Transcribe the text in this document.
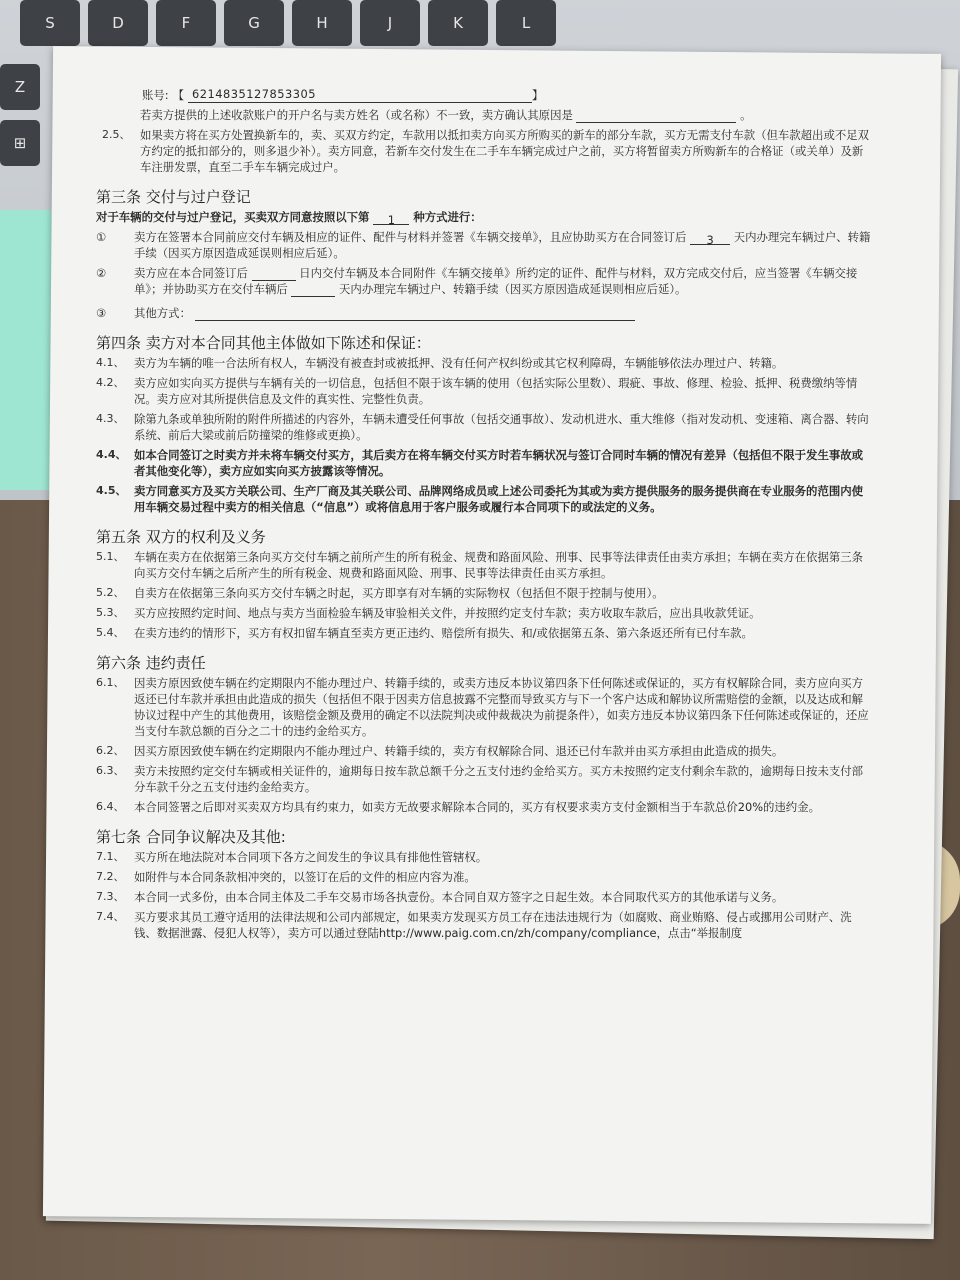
S	D	F	G	H	J	K	L
Z
⊞
账号: 【 6214835127853305	】
若卖方提供的上述收款账户的开户名与卖方姓名（或名称）不一致，卖方确认其原因是	。
2.5、 如果卖方将在买方处置换新车的，卖、买双方约定，车款用以抵扣卖方向买方所购买的新车的部分车款，买方无需支付车款（但车款超出或不足双方约定的抵扣部分的，则多退少补）。卖方同意，若新车交付发生在二手车车辆完成过户之前，买方将暂留卖方所购新车的合格证（或关单）及新车注册发票，直至二手车车辆完成过户。
第三条 交付与过户登记
对于车辆的交付与过户登记，买卖双方同意按照以下第 1 种方式进行：
①	卖方在签署本合同前应交付车辆及相应的证件、配件与材料并签署《车辆交接单》，且应协助买方在合同签订后 3 天内办理完车辆过户、转籍手续（因买方原因造成延误则相应后延）。
②	卖方应在本合同签订后	日内交付车辆及本合同附件《车辆交接单》所约定的证件、配件与材料，双方完成交付后，应当签署《车辆交接单》；并协助买方在交付车辆后	天内办理完车辆过户、转籍手续（因买方原因造成延误则相应后延）。
③	其他方式：
第四条 卖方对本合同其他主体做如下陈述和保证：
4.1、 卖方为车辆的唯一合法所有权人，车辆没有被查封或被抵押、没有任何产权纠纷或其它权利障碍，车辆能够依法办理过户、转籍。
4.2、 卖方应如实向买方提供与车辆有关的一切信息，包括但不限于该车辆的使用（包括实际公里数）、瑕疵、事故、修理、检验、抵押、税费缴纳等情况。卖方应对其所提供信息及文件的真实性、完整性负责。
4.3、 除第九条或单独所附的附件所描述的内容外，车辆未遭受任何事故（包括交通事故）、发动机进水、重大维修（指对发动机、变速箱、离合器、转向系统、前后大梁或前后防撞梁的维修或更换）。
4.4、 如本合同签订之时卖方并未将车辆交付买方，其后卖方在将车辆交付买方时若车辆状况与签订合同时车辆的情况有差异（包括但不限于发生事故或者其他变化等），卖方应如实向买方披露该等情况。
4.5、 卖方同意买方及买方关联公司、生产厂商及其关联公司、品牌网络成员或上述公司委托为其或为卖方提供服务的服务提供商在专业服务的范围内使用车辆交易过程中卖方的相关信息（“信息”）或将信息用于客户服务或履行本合同项下的或法定的义务。
第五条 双方的权利及义务
5.1、 车辆在卖方在依据第三条向买方交付车辆之前所产生的所有税金、规费和路面风险、刑事、民事等法律责任由卖方承担；车辆在卖方在依据第三条向买方交付车辆之后所产生的所有税金、规费和路面风险、刑事、民事等法律责任由买方承担。
5.2、 自卖方在依据第三条向买方交付车辆之时起，买方即享有对车辆的实际物权（包括但不限于控制与使用）。
5.3、 买方应按照约定时间、地点与卖方当面检验车辆及审验相关文件，并按照约定支付车款；卖方收取车款后，应出具收款凭证。
5.4、 在卖方违约的情形下，买方有权扣留车辆直至卖方更正违约、赔偿所有损失、和/或依据第五条、第六条返还所有已付车款。
第六条 违约责任
6.1、 因卖方原因致使车辆在约定期限内不能办理过户、转籍手续的，或卖方违反本协议第四条下任何陈述或保证的，买方有权解除合同，卖方应向买方返还已付车款并承担由此造成的损失（包括但不限于因卖方信息披露不完整而导致买方与下一个客户达成和解协议所需赔偿的金额，以及达成和解协议过程中产生的其他费用，该赔偿金额及费用的确定不以法院判决或仲裁裁决为前提条件），如卖方违反本协议第四条下任何陈述或保证的，还应当支付车款总额的百分之二十的违约金给买方。
6.2、 因买方原因致使车辆在约定期限内不能办理过户、转籍手续的，卖方有权解除合同、退还已付车款并由买方承担由此造成的损失。
6.3、 卖方未按照约定交付车辆或相关证件的，逾期每日按车款总额千分之五支付违约金给买方。买方未按照约定支付剩余车款的，逾期每日按未支付部分车款千分之五支付违约金给卖方。
6.4、 本合同签署之后即对买卖双方均具有约束力，如卖方无故要求解除本合同的，买方有权要求卖方支付金额相当于车款总价20%的违约金。
第七条 合同争议解决及其他:
7.1、 买方所在地法院对本合同项下各方之间发生的争议具有排他性管辖权。
7.2、 如附件与本合同条款相冲突的，以签订在后的文件的相应内容为准。
7.3、 本合同一式多份，由本合同主体及二手车交易市场各执壹份。本合同自双方签字之日起生效。本合同取代买方的其他承诺与义务。
7.4、 买方要求其员工遵守适用的法律法规和公司内部规定，如果卖方发现买方员工存在违法违规行为（如腐败、商业贿赂、侵占或挪用公司财产、洗钱、数据泄露、侵犯人权等），卖方可以通过登陆http://www.paig.com.cn/zh/company/compliance，点击“举报制度
